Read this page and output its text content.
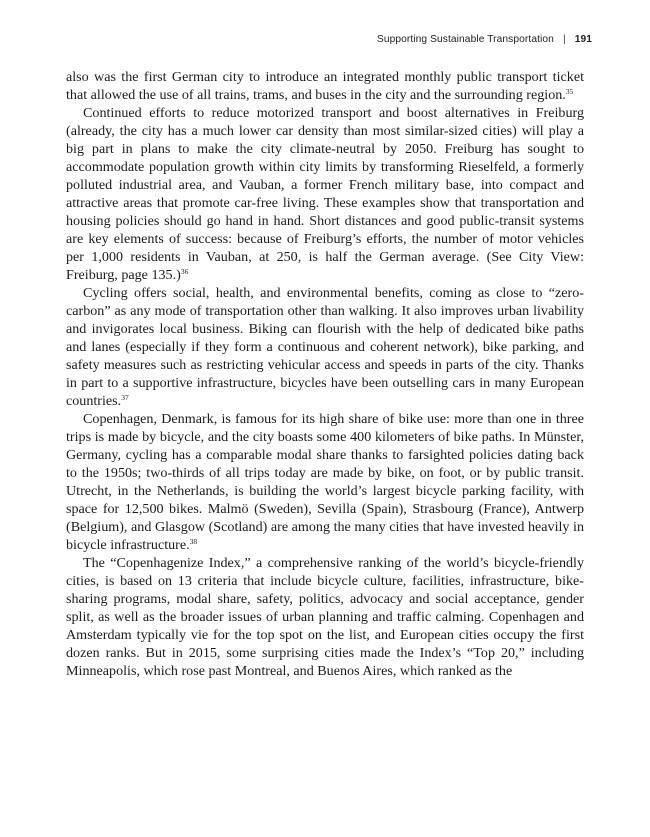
Supporting Sustainable Transportation | 191

also was the first German city to introduce an integrated monthly public transport ticket that allowed the use of all trains, trams, and buses in the city and the surrounding region.$^{35}$

Continued efforts to reduce motorized transport and boost alternatives in Freiburg (already, the city has a much lower car density than most similar-sized cities) will play a big part in plans to make the city climate-neutral by 2050. Freiburg has sought to accommodate population growth within city limits by transforming Rieselfeld, a formerly polluted industrial area, and Vauban, a former French military base, into compact and attractive areas that promote car-free living. These examples show that transportation and housing policies should go hand in hand. Short distances and good public-transit systems are key elements of success: because of Freiburg’s efforts, the number of motor vehicles per 1,000 residents in Vauban, at 250, is half the German average. (See City View: Freiburg, page 135.)$^{36}$

Cycling offers social, health, and environmental benefits, coming as close to “zero-carbon” as any mode of transportation other than walking. It also improves urban livability and invigorates local business. Biking can flourish with the help of dedicated bike paths and lanes (especially if they form a continuous and coherent network), bike parking, and safety measures such as restricting vehicular access and speeds in parts of the city. Thanks in part to a supportive infrastructure, bicycles have been outselling cars in many European countries.$^{37}$

Copenhagen, Denmark, is famous for its high share of bike use: more than one in three trips is made by bicycle, and the city boasts some 400 kilometers of bike paths. In Münster, Germany, cycling has a comparable modal share thanks to farsighted policies dating back to the 1950s; two-thirds of all trips today are made by bike, on foot, or by public transit. Utrecht, in the Netherlands, is building the world’s largest bicycle parking facility, with space for 12,500 bikes. Malmö (Sweden), Sevilla (Spain), Strasbourg (France), Antwerp (Belgium), and Glasgow (Scotland) are among the many cities that have invested heavily in bicycle infrastructure.$^{38}$

The “Copenhagenize Index,” a comprehensive ranking of the world’s bicycle-friendly cities, is based on 13 criteria that include bicycle culture, facilities, infrastructure, bike-sharing programs, modal share, safety, politics, advocacy and social acceptance, gender split, as well as the broader issues of urban planning and traffic calming. Copenhagen and Amsterdam typically vie for the top spot on the list, and European cities occupy the first dozen ranks. But in 2015, some surprising cities made the Index’s “Top 20,” including Minneapolis, which rose past Montreal, and Buenos Aires, which ranked as the
